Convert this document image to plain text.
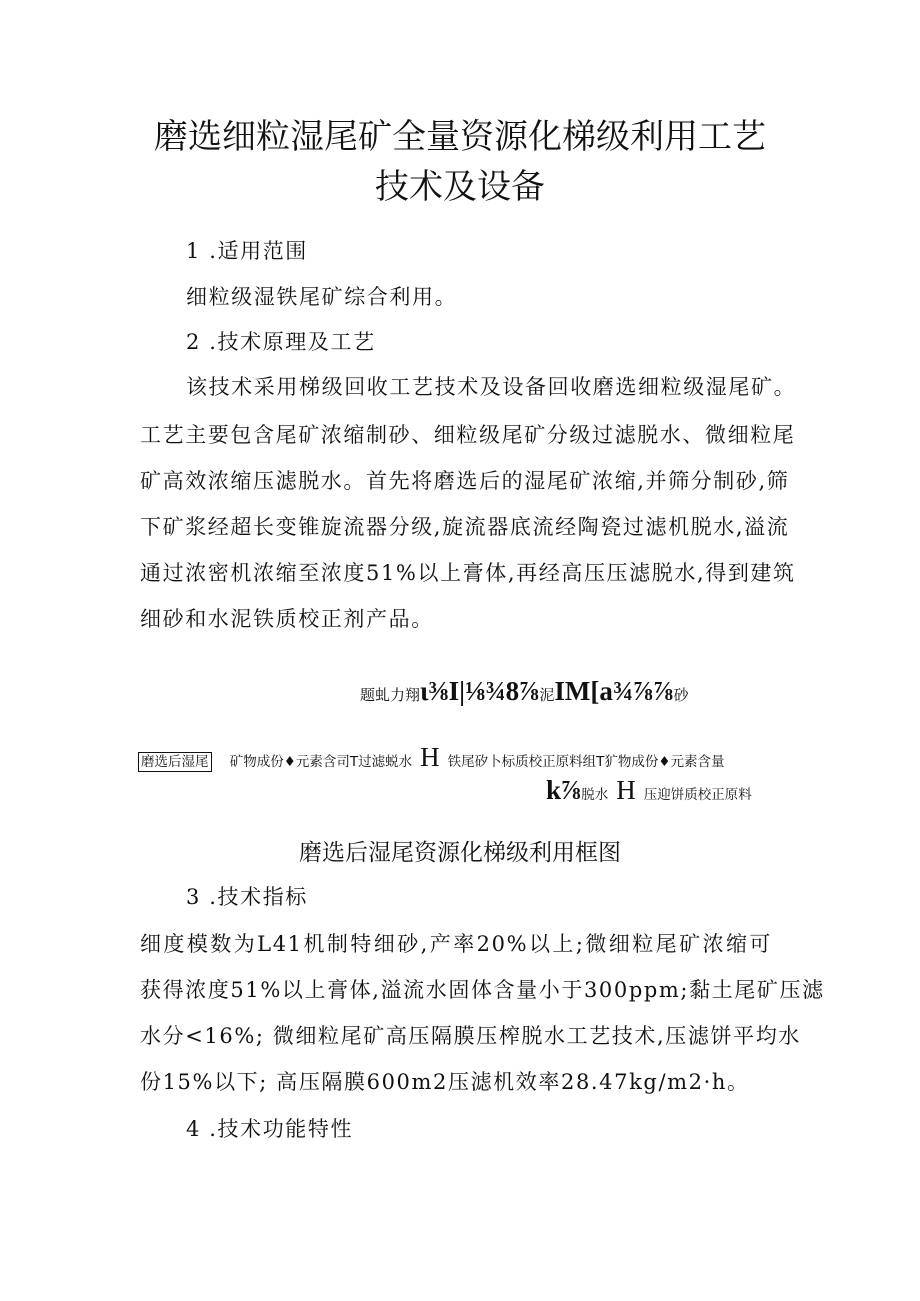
磨选细粒湿尾矿全量资源化梯级利用工艺
技术及设备
1 .适用范围
细粒级湿铁尾矿综合利用。
2 .技术原理及工艺
该技术采用梯级回收工艺技术及设备回收磨选细粒级湿尾矿。
工艺主要包含尾矿浓缩制砂、细粒级尾矿分级过滤脱水、微细粒尾
矿高效浓缩压滤脱水。首先将磨选后的湿尾矿浓缩,并筛分制砂,筛
下矿浆经超长变锥旋流器分级,旋流器底流经陶瓷过滤机脱水,溢流
通过浓密机浓缩至浓度51%以上膏体,再经高压压滤脱水,得到建筑
细砂和水泥铁质校正剂产品。
题虬力翔ι⅜I|⅛¾8⅞泥IM[a¾⅞⅞砂
磨选后湿尾 矿物成份♦元素含司T过滤蜕水 H 铁尾矽卜标质校正原料组T犷物成份♦元素含量
k⅞脱水 H 压迎饼质校正原料
磨选后湿尾资源化梯级利用框图
3 .技术指标
细度模数为L41机制特细砂,产率20%以上;微细粒尾矿浓缩可
获得浓度51%以上膏体,溢流水固体含量小于300ppm;黏土尾矿压滤
水分<16%; 微细粒尾矿高压隔膜压榨脱水工艺技术,压滤饼平均水
份15%以下; 高压隔膜600m2压滤机效率28.47kg/m2·h。
4 .技术功能特性
